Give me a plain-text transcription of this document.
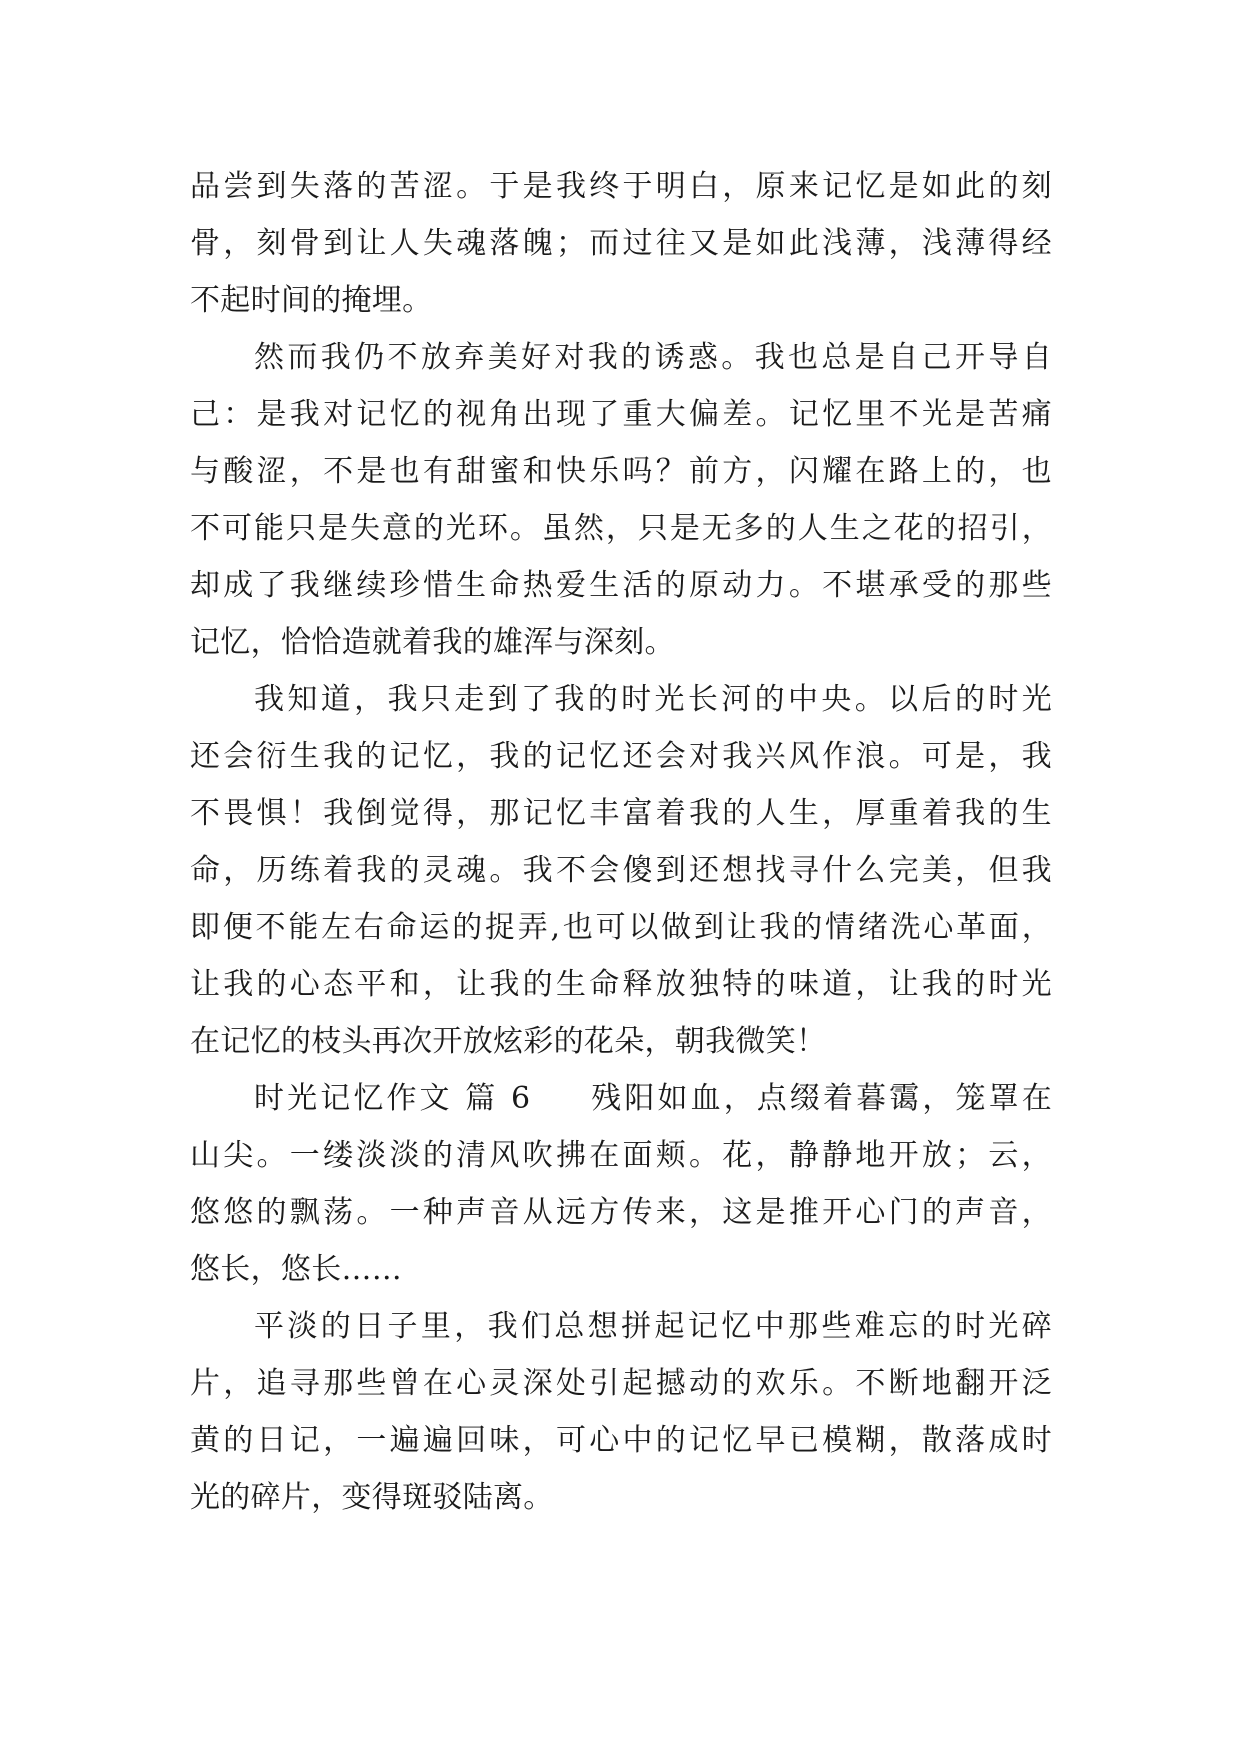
品尝到失落的苦涩。于是我终于明白，原来记忆是如此的刻
骨，刻骨到让人失魂落魄；而过往又是如此浅薄，浅薄得经
不起时间的掩埋。
然而我仍不放弃美好对我的诱惑。我也总是自己开导自
己：是我对记忆的视角出现了重大偏差。记忆里不光是苦痛
与酸涩，不是也有甜蜜和快乐吗？前方，闪耀在路上的，也
不可能只是失意的光环。虽然，只是无多的人生之花的招引，
却成了我继续珍惜生命热爱生活的原动力。不堪承受的那些
记忆，恰恰造就着我的雄浑与深刻。
我知道，我只走到了我的时光长河的中央。以后的时光
还会衍生我的记忆，我的记忆还会对我兴风作浪。可是，我
不畏惧！我倒觉得，那记忆丰富着我的人生，厚重着我的生
命，历练着我的灵魂。我不会傻到还想找寻什么完美，但我
即便不能左右命运的捉弄,也可以做到让我的情绪洗心革面，
让我的心态平和，让我的生命释放独特的味道，让我的时光
在记忆的枝头再次开放炫彩的花朵，朝我微笑！
时光记忆作文 篇 6 残阳如血，点缀着暮霭，笼罩在
山尖。一缕淡淡的清风吹拂在面颊。花，静静地开放；云，
悠悠的飘荡。一种声音从远方传来，这是推开心门的声音，
悠长，悠长……
平淡的日子里，我们总想拼起记忆中那些难忘的时光碎
片，追寻那些曾在心灵深处引起撼动的欢乐。不断地翻开泛
黄的日记，一遍遍回味，可心中的记忆早已模糊，散落成时
光的碎片，变得斑驳陆离。
